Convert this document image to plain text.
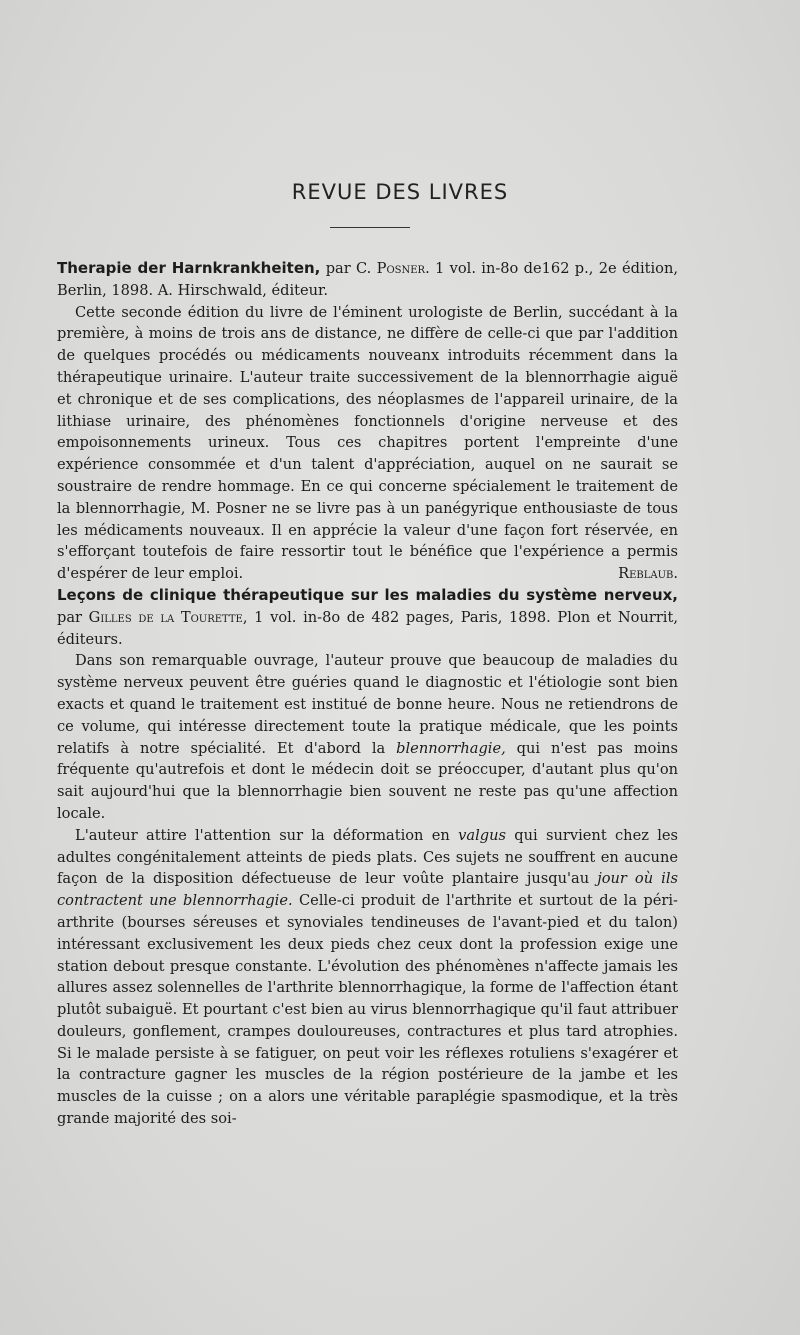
REVUE DES LIVRES

Therapie der Harnkrankheiten, par C. Posner. 1 vol. in-8o de162 p., 2e édition, Berlin, 1898. A. Hirschwald, éditeur.

Cette seconde édition du livre de l'éminent urologiste de Berlin, succédant à la première, à moins de trois ans de distance, ne diffère de celle-ci que par l'addition de quelques procédés ou médicaments nouveanx introduits récemment dans la thérapeutique urinaire. L'auteur traite successivement de la blennorrhagie aiguë et chronique et de ses complications, des néoplasmes de l'appareil urinaire, de la lithiase urinaire, des phénomènes fonctionnels d'origine nerveuse et des empoisonnements urineux. Tous ces chapitres portent l'empreinte d'une expérience consommée et d'un talent d'appréciation, auquel on ne saurait se soustraire de rendre hommage. En ce qui concerne spécialement le traitement de la blennorrhagie, M. Posner ne se livre pas à un panégyrique enthousiaste de tous les médicaments nouveaux. Il en apprécie la valeur d'une façon fort réservée, en s'efforçant toutefois de faire ressortir tout le bénéfice que l'expérience a permis d'espérer de leur emploi.	Reblaub.

Leçons de clinique thérapeutique sur les maladies du système nerveux, par Gilles de la Tourette, 1 vol. in-8o de 482 pages, Paris, 1898. Plon et Nourrit, éditeurs.

Dans son remarquable ouvrage, l'auteur prouve que beaucoup de maladies du système nerveux peuvent être guéries quand le diagnostic et l'étiologie sont bien exacts et quand le traitement est institué de bonne heure. Nous ne retiendrons de ce volume, qui intéresse directement toute la pratique médicale, que les points relatifs à notre spécialité. Et d'abord la blennorrhagie, qui n'est pas moins fréquente qu'autrefois et dont le médecin doit se préoccuper, d'autant plus qu'on sait aujourd'hui que la blennorrhagie bien souvent ne reste pas qu'une affection locale.

L'auteur attire l'attention sur la déformation en valgus qui survient chez les adultes congénitalement atteints de pieds plats. Ces sujets ne souffrent en aucune façon de la disposition défectueuse de leur voûte plantaire jusqu'au jour où ils contractent une blennorrhagie. Celle-ci produit de l'arthrite et surtout de la péri-arthrite (bourses séreuses et synoviales tendineuses de l'avant-pied et du talon) intéressant exclusivement les deux pieds chez ceux dont la profession exige une station debout presque constante. L'évolution des phénomènes n'affecte jamais les allures assez solennelles de l'arthrite blennorrhagique, la forme de l'affection étant plutôt subaiguë. Et pourtant c'est bien au virus blennorrhagique qu'il faut attribuer douleurs, gonflement, crampes douloureuses, contractures et plus tard atrophies. Si le malade persiste à se fatiguer, on peut voir les réflexes rotuliens s'exagérer et la contracture gagner les muscles de la région postérieure de la jambe et les muscles de la cuisse ; on a alors une véritable paraplégie spasmodique, et la très grande majorité des soi-
